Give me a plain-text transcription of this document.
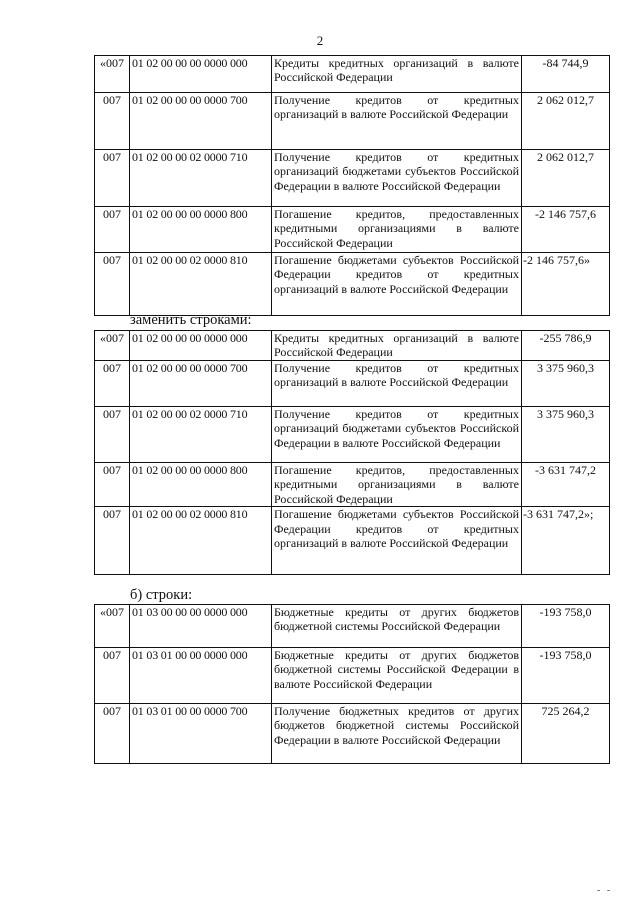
2
«007	01 02 00 00 00 0000 000	Кредиты кредитных организаций в валюте Российской Федерации	-84 744,9
007	01 02 00 00 00 0000 700	Получение кредитов от кредитных организаций в валюте Российской Федерации	2 062 012,7
007	01 02 00 00 02 0000 710	Получение кредитов от кредитных организаций бюджетами субъектов Российской Федерации в валюте Российской Федерации	2 062 012,7
007	01 02 00 00 00 0000 800	Погашение кредитов, предоставленных кредитными организациями в валюте Российской Федерации	-2 146 757,6
007	01 02 00 00 02 0000 810	Погашение бюджетами субъектов Российской Федерации кредитов от кредитных организаций в валюте Российской Федерации	-2 146 757,6»
заменить строками:
«007	01 02 00 00 00 0000 000	Кредиты кредитных организаций в валюте Российской Федерации	-255 786,9
007	01 02 00 00 00 0000 700	Получение кредитов от кредитных организаций в валюте Российской Федерации	3 375 960,3
007	01 02 00 00 02 0000 710	Получение кредитов от кредитных организаций бюджетами субъектов Российской Федерации в валюте Российской Федерации	3 375 960,3
007	01 02 00 00 00 0000 800	Погашение кредитов, предоставленных кредитными организациями в валюте Российской Федерации	-3 631 747,2
007	01 02 00 00 02 0000 810	Погашение бюджетами субъектов Российской Федерации кредитов от кредитных организаций в валюте Российской Федерации	-3 631 747,2»;
б) строки:
«007	01 03 00 00 00 0000 000	Бюджетные кредиты от других бюджетов бюджетной системы Российской Федерации	-193 758,0
007	01 03 01 00 00 0000 000	Бюджетные кредиты от других бюджетов бюджетной системы Российской Федерации в валюте Российской Федерации	-193 758,0
007	01 03 01 00 00 0000 700	Получение бюджетных кредитов от других бюджетов бюджетной системы Российской Федерации в валюте Российской Федерации	725 264,2
- -
